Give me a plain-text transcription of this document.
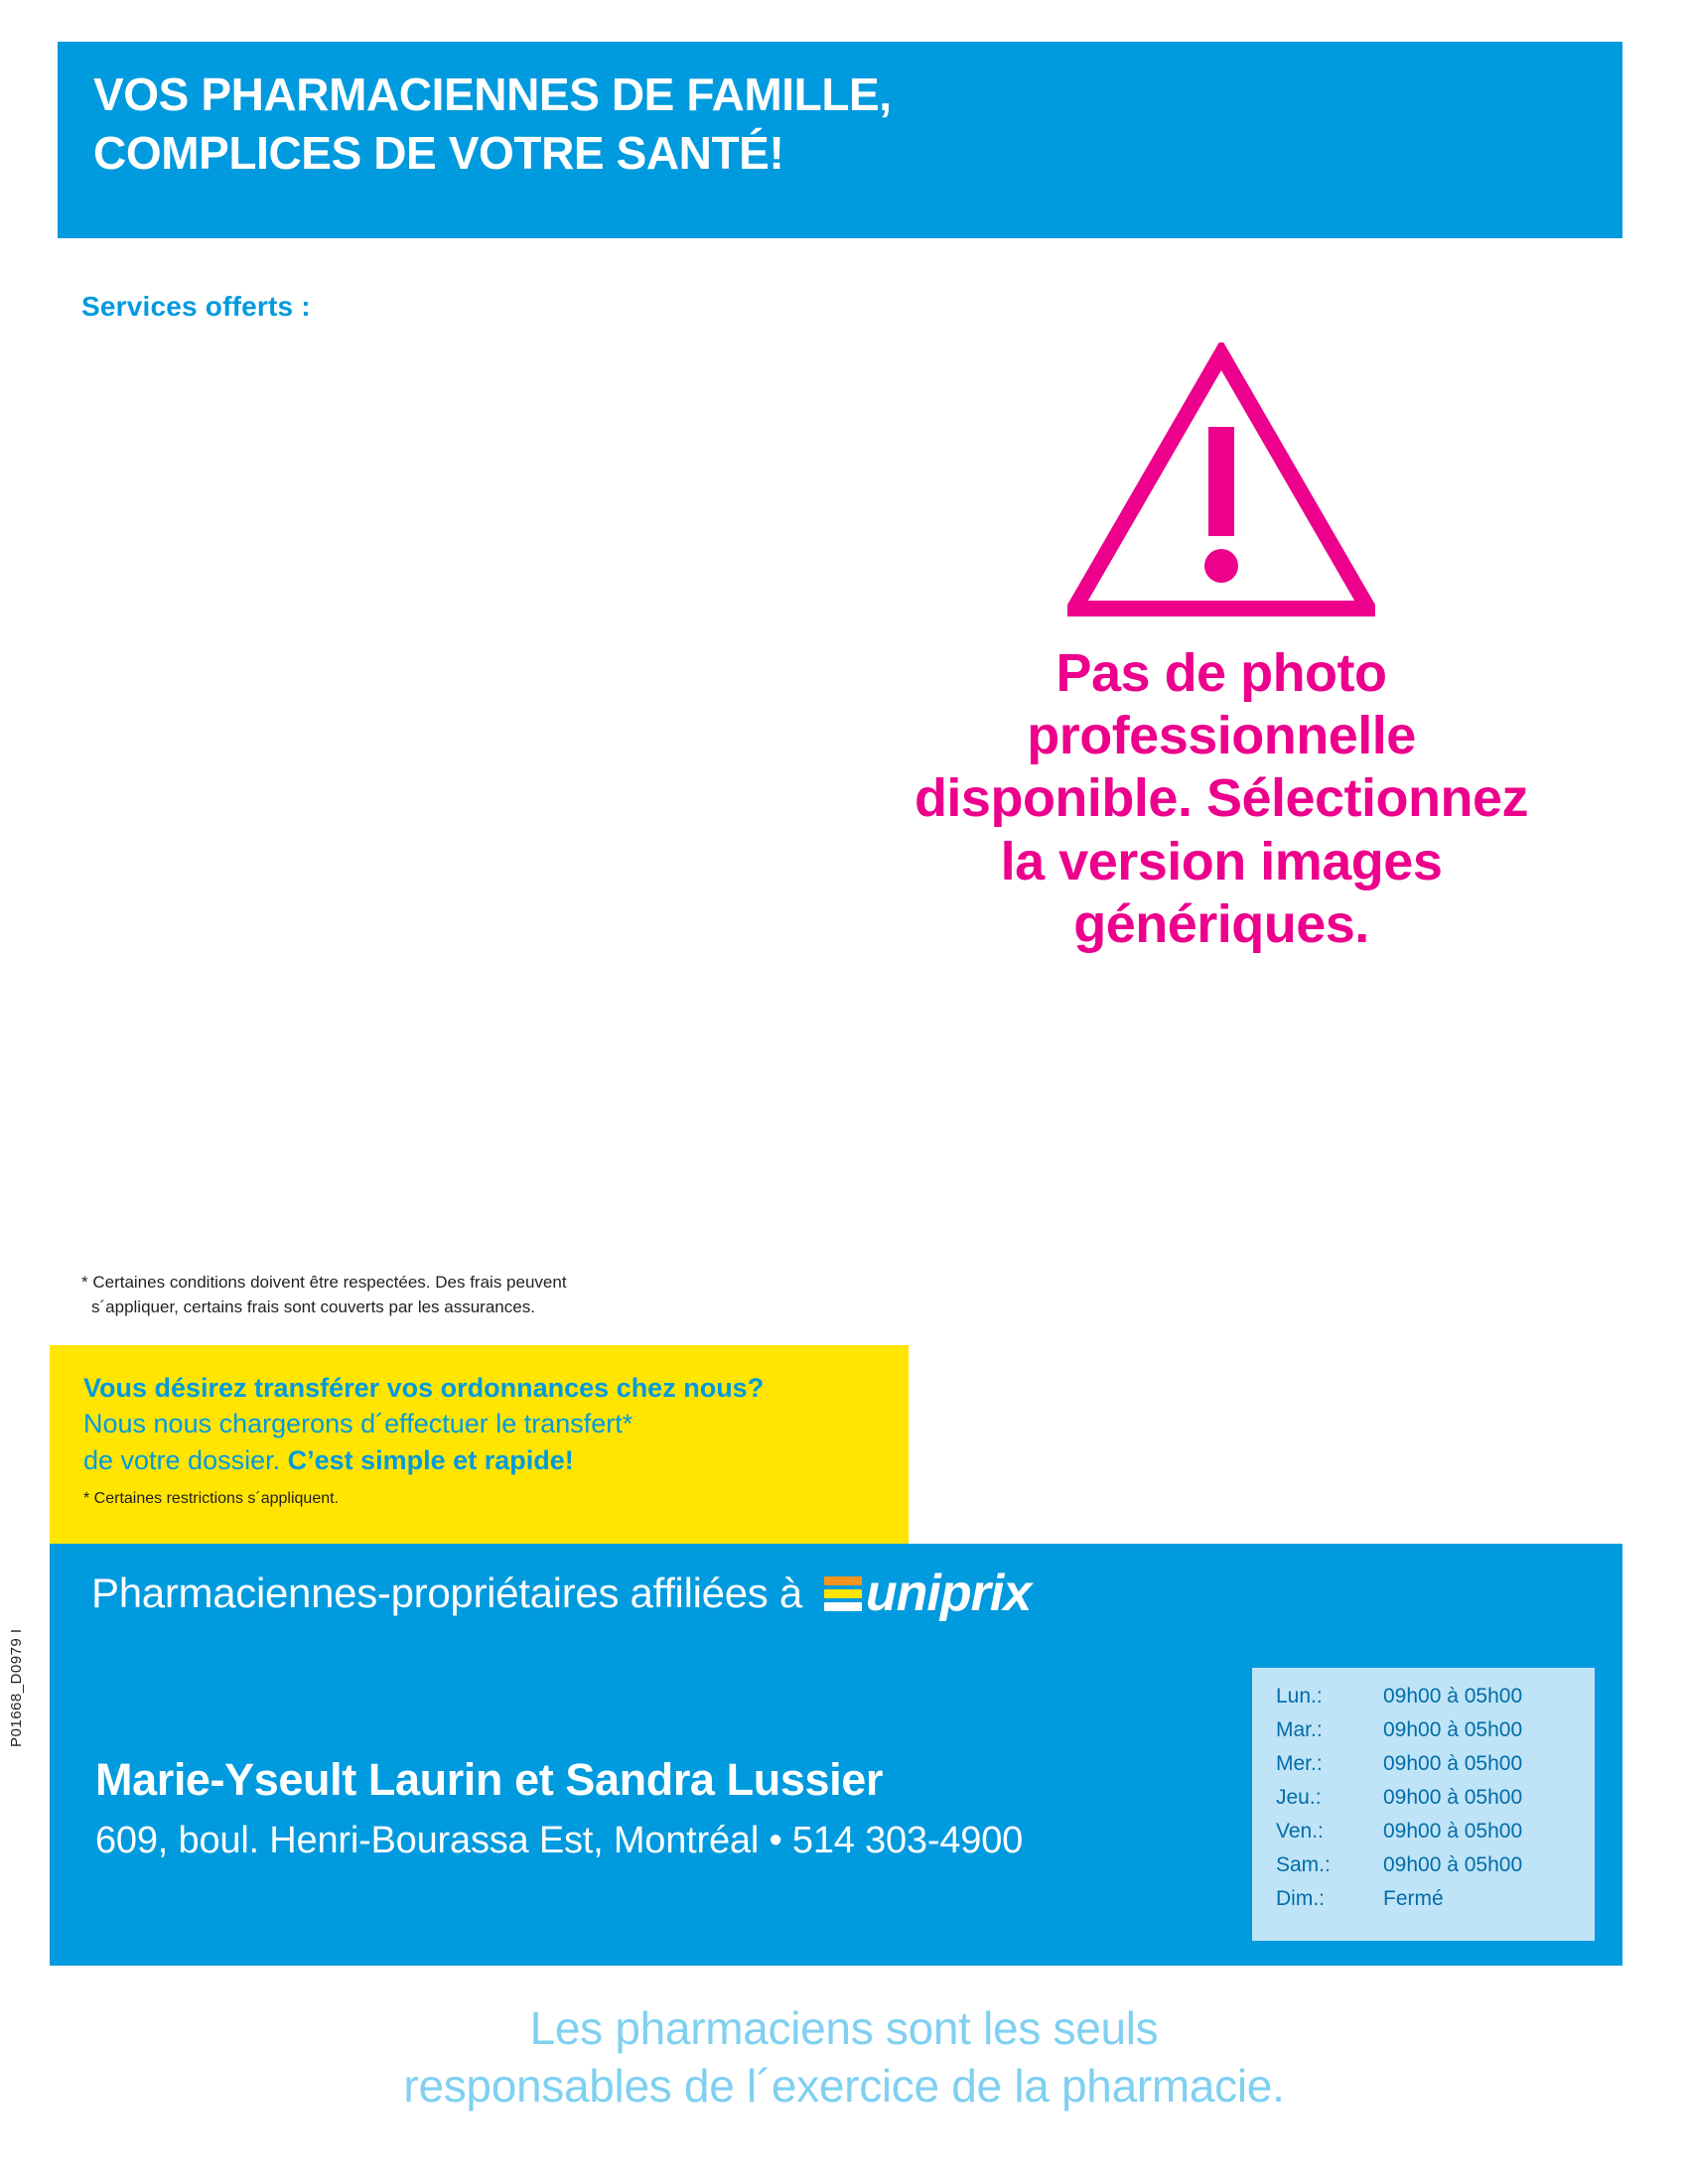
VOS PHARMACIENNES DE FAMILLE,
COMPLICES DE VOTRE SANTÉ!
Services offerts :
Pas de photo professionnelle disponible. Sélectionnez la version images génériques.
* Certaines conditions doivent être respectées. Des frais peuvent
s´appliquer, certains frais sont couverts par les assurances.
Vous désirez transférer vos ordonnances chez nous?
Nous nous chargerons d´effectuer le transfert*
de votre dossier. C’est simple et rapide!
* Certaines restrictions s´appliquent.
Pharmaciennes-propriétaires affiliées à uniprix
Marie-Yseult Laurin et Sandra Lussier
609, boul. Henri-Bourassa Est, Montréal • 514 303-4900
Lun.:	09h00 à 05h00
Mar.:	09h00 à 05h00
Mer.:	09h00 à 05h00
Jeu.:	09h00 à 05h00
Ven.:	09h00 à 05h00
Sam.:	09h00 à 05h00
Dim.:	Fermé
P01668_D0979 I
Les pharmaciens sont les seuls
responsables de l´exercice de la pharmacie.
